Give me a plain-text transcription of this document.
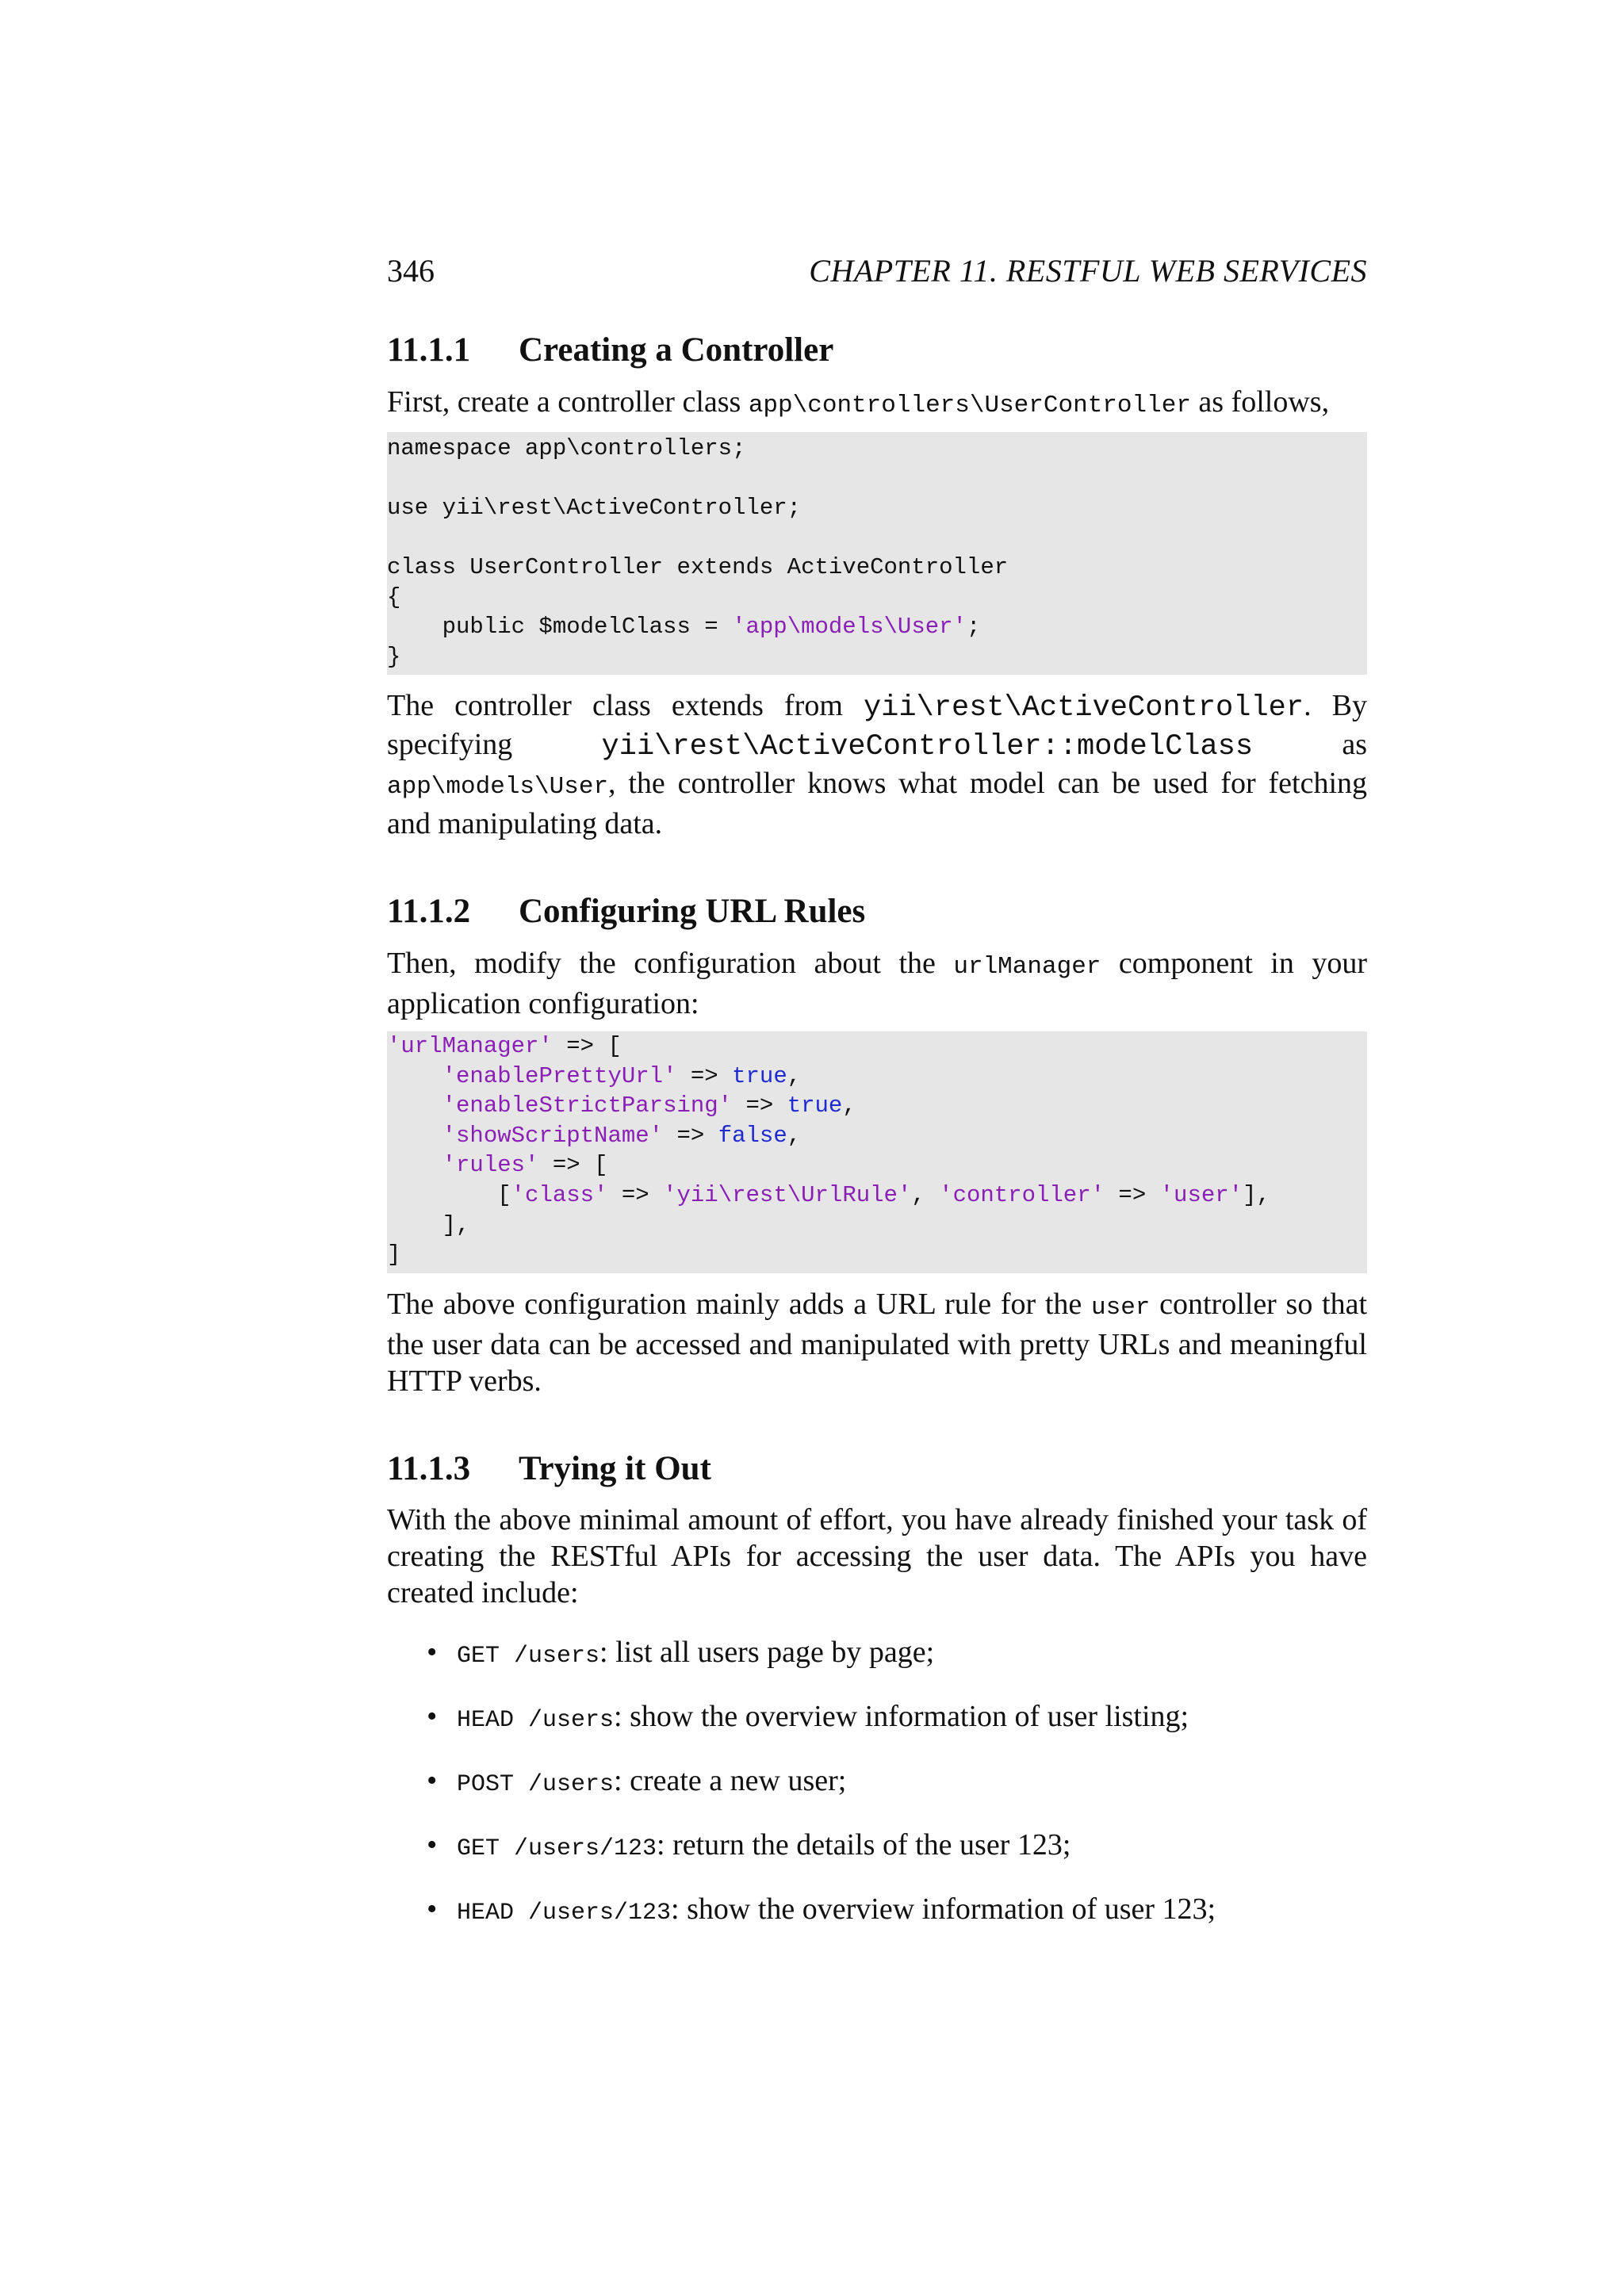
346	CHAPTER 11. RESTFUL WEB SERVICES
11.1.1	Creating a Controller

First, create a controller class app\controllers\UserController as follows,

namespace app\controllers;

use yii\rest\ActiveController;

class UserController extends ActiveController
{
public $modelClass = 'app\models\User';
}

The controller class extends from yii\rest\ActiveController. By specifying yii\rest\ActiveController::modelClass as app\models\User, the controller knows what model can be used for fetching and manipulating data.

11.1.2	Configuring URL Rules

Then, modify the configuration about the urlManager component in your application configuration:

'urlManager' => [
'enablePrettyUrl' => true,
'enableStrictParsing' => true,
'showScriptName' => false,
'rules' => [
['class' => 'yii\rest\UrlRule', 'controller' => 'user'],
],
]

The above configuration mainly adds a URL rule for the user controller so that the user data can be accessed and manipulated with pretty URLs and meaningful HTTP verbs.

11.1.3	Trying it Out

With the above minimal amount of effort, you have already finished your task of creating the RESTful APIs for accessing the user data. The APIs you have created include:

• GET /users : list all users page by page;
• HEAD /users : show the overview information of user listing;
• POST /users : create a new user;
• GET /users/123 : return the details of the user 123;
• HEAD /users/123 : show the overview information of user 123;
